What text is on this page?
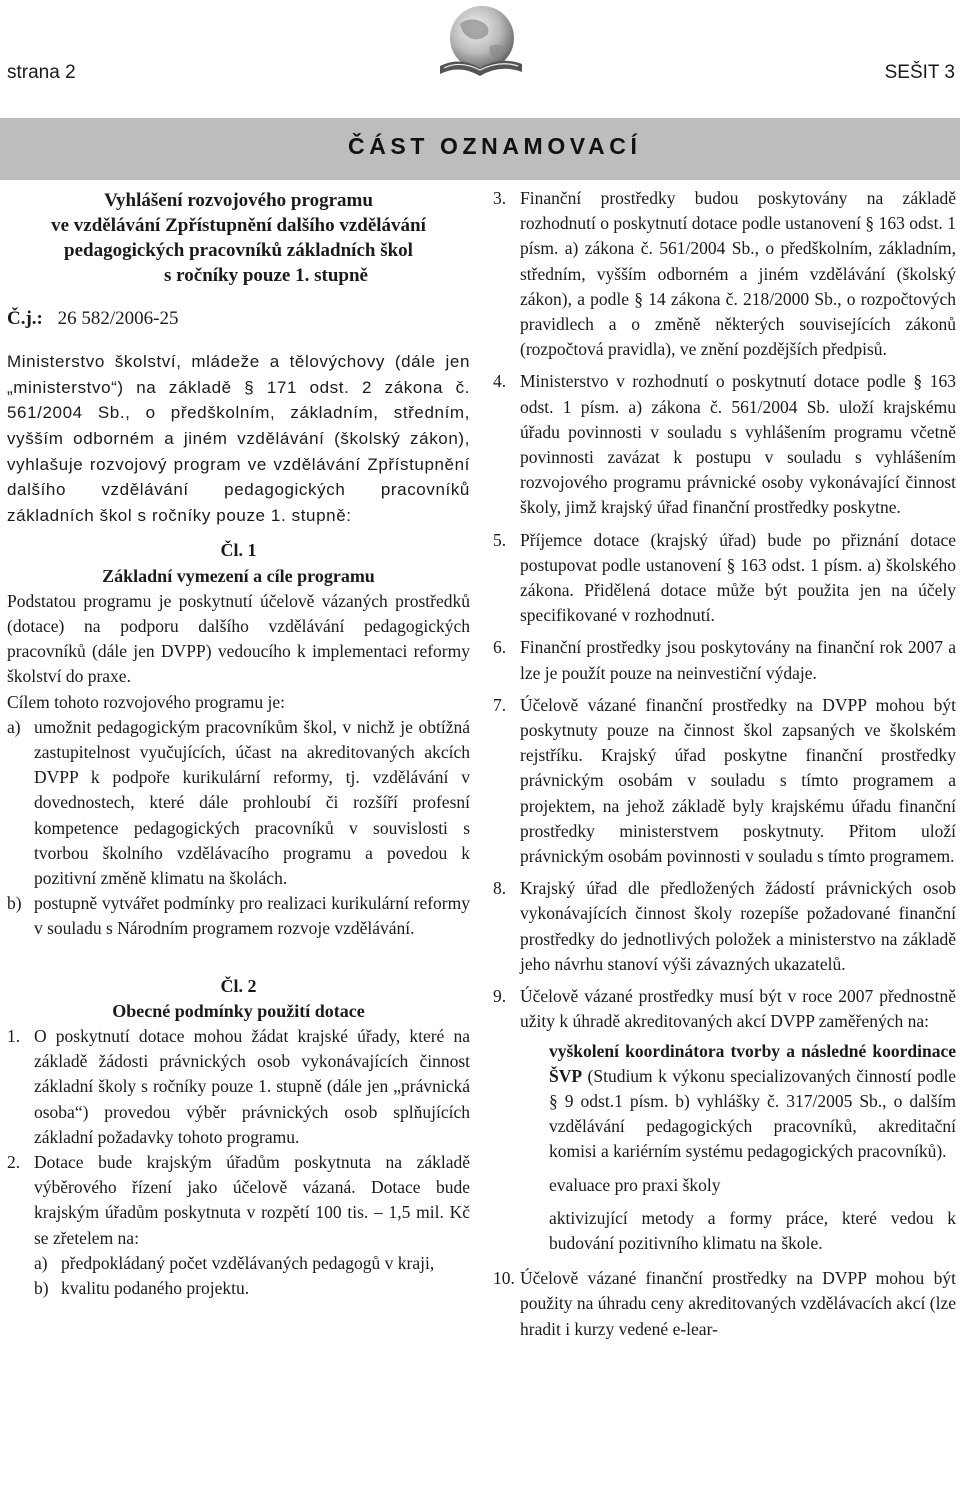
strana 2	SEŠIT 3
ČÁST OZNAMOVACÍ
Vyhlášení rozvojového programu
ve vzdělávání Zpřístupnění dalšího vzdělávání
pedagogických pracovníků základních škol
s ročníky pouze 1. stupně
Č.j.: 26 582/2006-25
Ministerstvo školství, mládeže a tělovýchovy (dále jen „ministerstvo“) na základě § 171 odst. 2 zákona č. 561/2004 Sb., o předškolním, základním, středním, vyšším odborném a jiném vzdělávání (školský zákon), vyhlašuje rozvojový program ve vzdělávání Zpřístupnění dalšího vzdělávání pedagogických pracovníků základních škol s ročníky pouze 1. stupně:
Čl. 1
Základní vymezení a cíle programu
Podstatou programu je poskytnutí účelově vázaných prostředků (dotace) na podporu dalšího vzdělávání pedagogických pracovníků (dále jen DVPP) vedoucího k implementaci reformy školství do praxe.
Cílem tohoto rozvojového programu je:
a) umožnit pedagogickým pracovníkům škol, v nichž je obtížná zastupitelnost vyučujících, účast na akreditovaných akcích DVPP k podpoře kurikulární reformy, tj. vzdělávání v dovednostech, které dále prohloubí či rozšíří profesní kompetence pedagogických pracovníků v souvislosti s tvorbou školního vzdělávacího programu a povedou k pozitivní změně klimatu na školách.
b) postupně vytvářet podmínky pro realizaci kurikulární reformy v souladu s Národním programem rozvoje vzdělávání.
Čl. 2
Obecné podmínky použití dotace
1. O poskytnutí dotace mohou žádat krajské úřady, které na základě žádosti právnických osob vykonávajících činnost základní školy s ročníky pouze 1. stupně (dále jen „právnická osoba“) provedou výběr právnických osob splňujících základní požadavky tohoto programu.
2. Dotace bude krajským úřadům poskytnuta na základě výběrového řízení jako účelově vázaná. Dotace bude krajským úřadům poskytnuta v rozpětí 100 tis. – 1,5 mil. Kč se zřetelem na:
a) předpokládaný počet vzdělávaných pedagogů v kraji,
b) kvalitu podaného projektu.
3. Finanční prostředky budou poskytovány na základě rozhodnutí o poskytnutí dotace podle ustanovení § 163 odst. 1 písm. a) zákona č. 561/2004 Sb., o předškolním, základním, středním, vyšším odborném a jiném vzdělávání (školský zákon), a podle § 14 zákona č. 218/2000 Sb., o rozpočtových pravidlech a o změně některých souvisejících zákonů (rozpočtová pravidla), ve znění pozdějších předpisů.
4. Ministerstvo v rozhodnutí o poskytnutí dotace podle § 163 odst. 1 písm. a) zákona č. 561/2004 Sb. uloží krajskému úřadu povinnosti v souladu s vyhlášením programu včetně povinnosti zavázat k postupu v souladu s vyhlášením rozvojového programu právnické osoby vykonávající činnost školy, jimž krajský úřad finanční prostředky poskytne.
5. Příjemce dotace (krajský úřad) bude po přiznání dotace postupovat podle ustanovení § 163 odst. 1 písm. a) školského zákona. Přidělená dotace může být použita jen na účely specifikované v rozhodnutí.
6. Finanční prostředky jsou poskytovány na finanční rok 2007 a lze je použít pouze na neinvestiční výdaje.
7. Účelově vázané finanční prostředky na DVPP mohou být poskytnuty pouze na činnost škol zapsaných ve školském rejstříku. Krajský úřad poskytne finanční prostředky právnickým osobám v souladu s tímto programem a projektem, na jehož základě byly krajskému úřadu finanční prostředky ministerstvem poskytnuty. Přitom uloží právnickým osobám povinnosti v souladu s tímto programem.
8. Krajský úřad dle předložených žádostí právnických osob vykonávajících činnost školy rozepíše požadované finanční prostředky do jednotlivých položek a ministerstvo na základě jeho návrhu stanoví výši závazných ukazatelů.
9. Účelově vázané prostředky musí být v roce 2007 přednostně užity k úhradě akreditovaných akcí DVPP zaměřených na:
vyškolení koordinátora tvorby a následné koordinace ŠVP (Studium k výkonu specializovaných činností podle § 9 odst.1 písm. b) vyhlášky č. 317/2005 Sb., o dalším vzdělávání pedagogických pracovníků, akreditační komisi a kariérním systému pedagogických pracovníků).
evaluace pro praxi školy
aktivizující metody a formy práce, které vedou k budování pozitivního klimatu na škole.
10. Účelově vázané finanční prostředky na DVPP mohou být použity na úhradu ceny akreditovaných vzdělávacích akcí (lze hradit i kurzy vedené e-lear-
